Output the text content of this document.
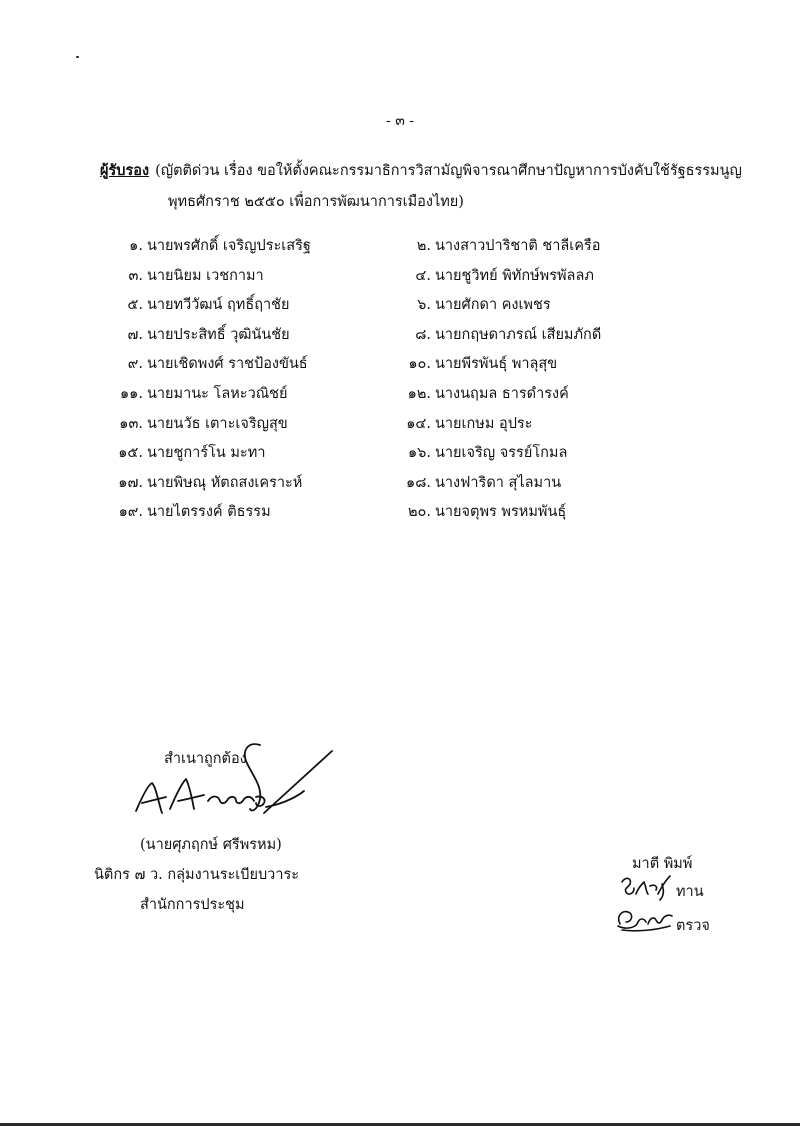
- ๓ -
ผู้รับรอง (ญัตติด่วน เรื่อง ขอให้ตั้งคณะกรรมาธิการวิสามัญพิจารณาศึกษาปัญหาการบังคับใช้รัฐธรรมนูญ
พุทธศักราช ๒๕๕๐ เพื่อการพัฒนาการเมืองไทย)
๑. นายพรศักดิ์ เจริญประเสริฐ
๓. นายนิยม เวชกามา
๕. นายทวีวัฒน์ ฤทธิ์ฤาชัย
๗. นายประสิทธิ์ วุฒินันชัย
๙. นายเชิดพงศ์ ราชป้องขันธ์
๑๑. นายมานะ โลหะวณิชย์
๑๓. นายนวัธ เตาะเจริญสุข
๑๕. นายชูการ์โน มะทา
๑๗. นายพิษณุ หัตถสงเคราะห์
๑๙. นายไตรรงค์ ติธรรม
๒. นางสาวปาริชาติ ชาลีเครือ
๔. นายชูวิทย์ พิทักษ์พรพัลลภ
๖. นายศักดา คงเพชร
๘. นายกฤษดาภรณ์ เสียมภักดี
๑๐. นายพีรพันธุ์ พาลุสุข
๑๒. นางนฤมล ธารดำรงค์
๑๔. นายเกษม อุประ
๑๖. นายเจริญ จรรย์โกมล
๑๘. นางฟาริดา สุไลมาน
๒๐. นายจตุพร พรหมพันธุ์
สำเนาถูกต้อง
(นายศุภฤกษ์ ศรีพรหม)
นิติกร ๗ ว. กลุ่มงานระเบียบวาระ
สำนักการประชุม
มาตี พิมพ์
ทาน
ตรวจ
